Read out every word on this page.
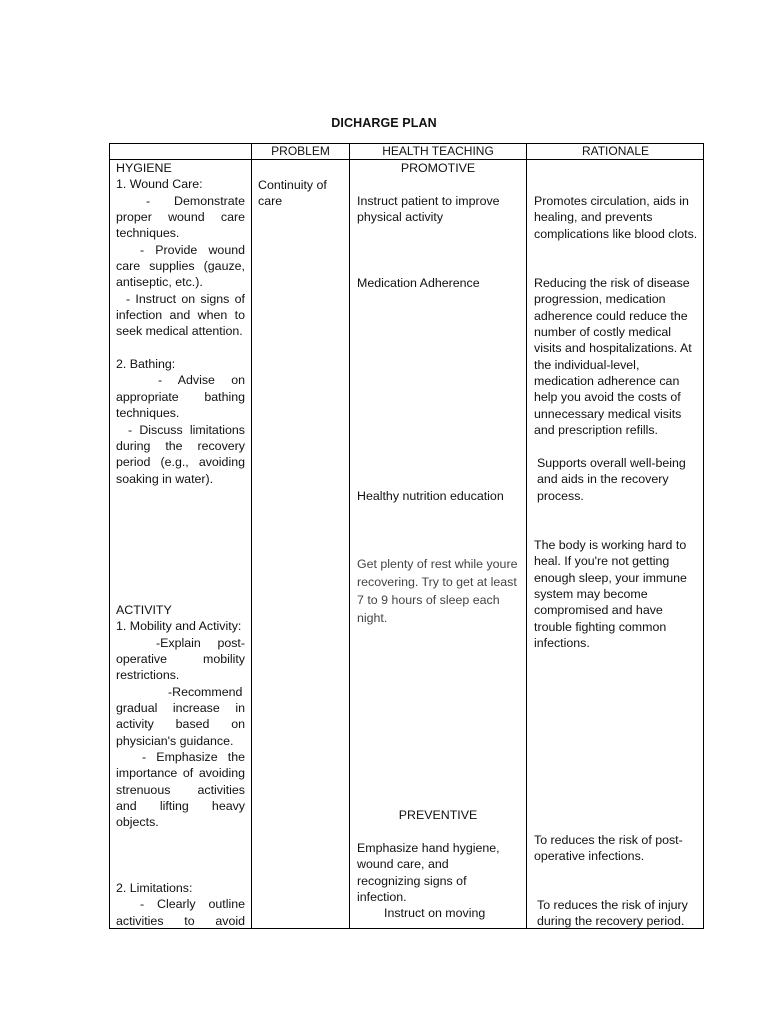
DICHARGE PLAN
PROBLEM	HEALTH TEACHING	RATIONALE

HYGIENE

1. Wound Care:

- Demonstrate proper wound care techniques.

- Provide wound care supplies (gauze, antiseptic, etc.).

- Instruct on signs of infection and when to seek medical attention.

2. Bathing:

- Advise on appropriate bathing techniques.

- Discuss limitations during the recovery period (e.g., avoiding soaking in water).

ACTIVITY

1. Mobility and Activity:

-Explain post-operative mobility restrictions.

-Recommend gradual increase in activity based on physician's guidance.

- Emphasize the importance of avoiding strenuous activities and lifting heavy objects.

2. Limitations:

- Clearly outline activities to avoid

Continuity of care
PROMOTIVE
Instruct patient to improve physical activity
Medication Adherence
Healthy nutrition education
Get plenty of rest while youre recovering. Try to get at least 7 to 9 hours of sleep each night.
PREVENTIVE
Emphasize hand hygiene, wound care, and recognizing signs of infection.
Instruct on moving
Promotes circulation, aids in healing, and prevents complications like blood clots.
Reducing the risk of disease progression, medication adherence could reduce the number of costly medical visits and hospitalizations. At the individual-level, medication adherence can help you avoid the costs of unnecessary medical visits and prescription refills.
Supports overall well-being and aids in the recovery process.
The body is working hard to heal. If you're not getting enough sleep, your immune system may become compromised and have trouble fighting common infections.
To reduces the risk of post-operative infections.
To reduces the risk of injury during the recovery period.
